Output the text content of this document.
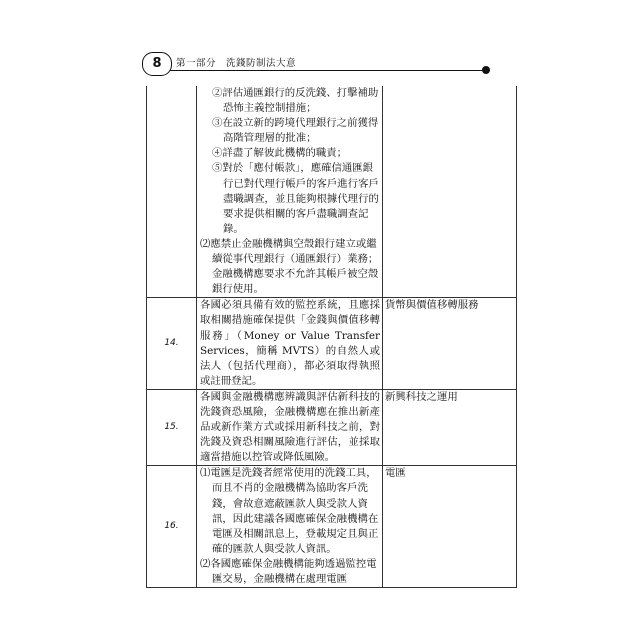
8	第一部分　洗錢防制法大意

	②評估通匯銀行的反洗錢、打擊補助恐怖主義控制措施；
③在設立新的跨境代理銀行之前獲得高階管理層的批准；
④詳盡了解彼此機構的職責；
⑤對於「應付帳款」，應確信通匯銀行已對代理行帳戶的客戶進行客戶盡職調查，並且能夠根據代理行的要求提供相關的客戶盡職調查記錄。
⑵應禁止金融機構與空殼銀行建立或繼續從事代理銀行（通匯銀行）業務；金融機構應要求不允許其帳戶被空殼銀行使用。	

14.	各國必須具備有效的監控系統，且應採取相關措施確保提供「金錢與價值移轉服務」（Money or Value Transfer Services，簡稱 MVTS）的自然人或法人（包括代理商），都必須取得執照或註冊登記。	貨幣與價值移轉服務
15.	各國與金融機構應辨識與評估新科技的洗錢資恐風險，金融機構應在推出新產品或新作業方式或採用新科技之前，對洗錢及資恐相關風險進行評估，並採取適當措施以控管或降低風險。	新興科技之運用
16.	⑴電匯是洗錢者經常使用的洗錢工具，而且不肖的金融機構為協助客戶洗錢，會故意遮蔽匯款人與受款人資訊，因此建議各國應確保金融機構在電匯及相關訊息上，登載規定且與正確的匯款人與受款人資訊。
⑵各國應確保金融機構能夠透過監控電匯交易，金融機構在處理電匯	電匯
